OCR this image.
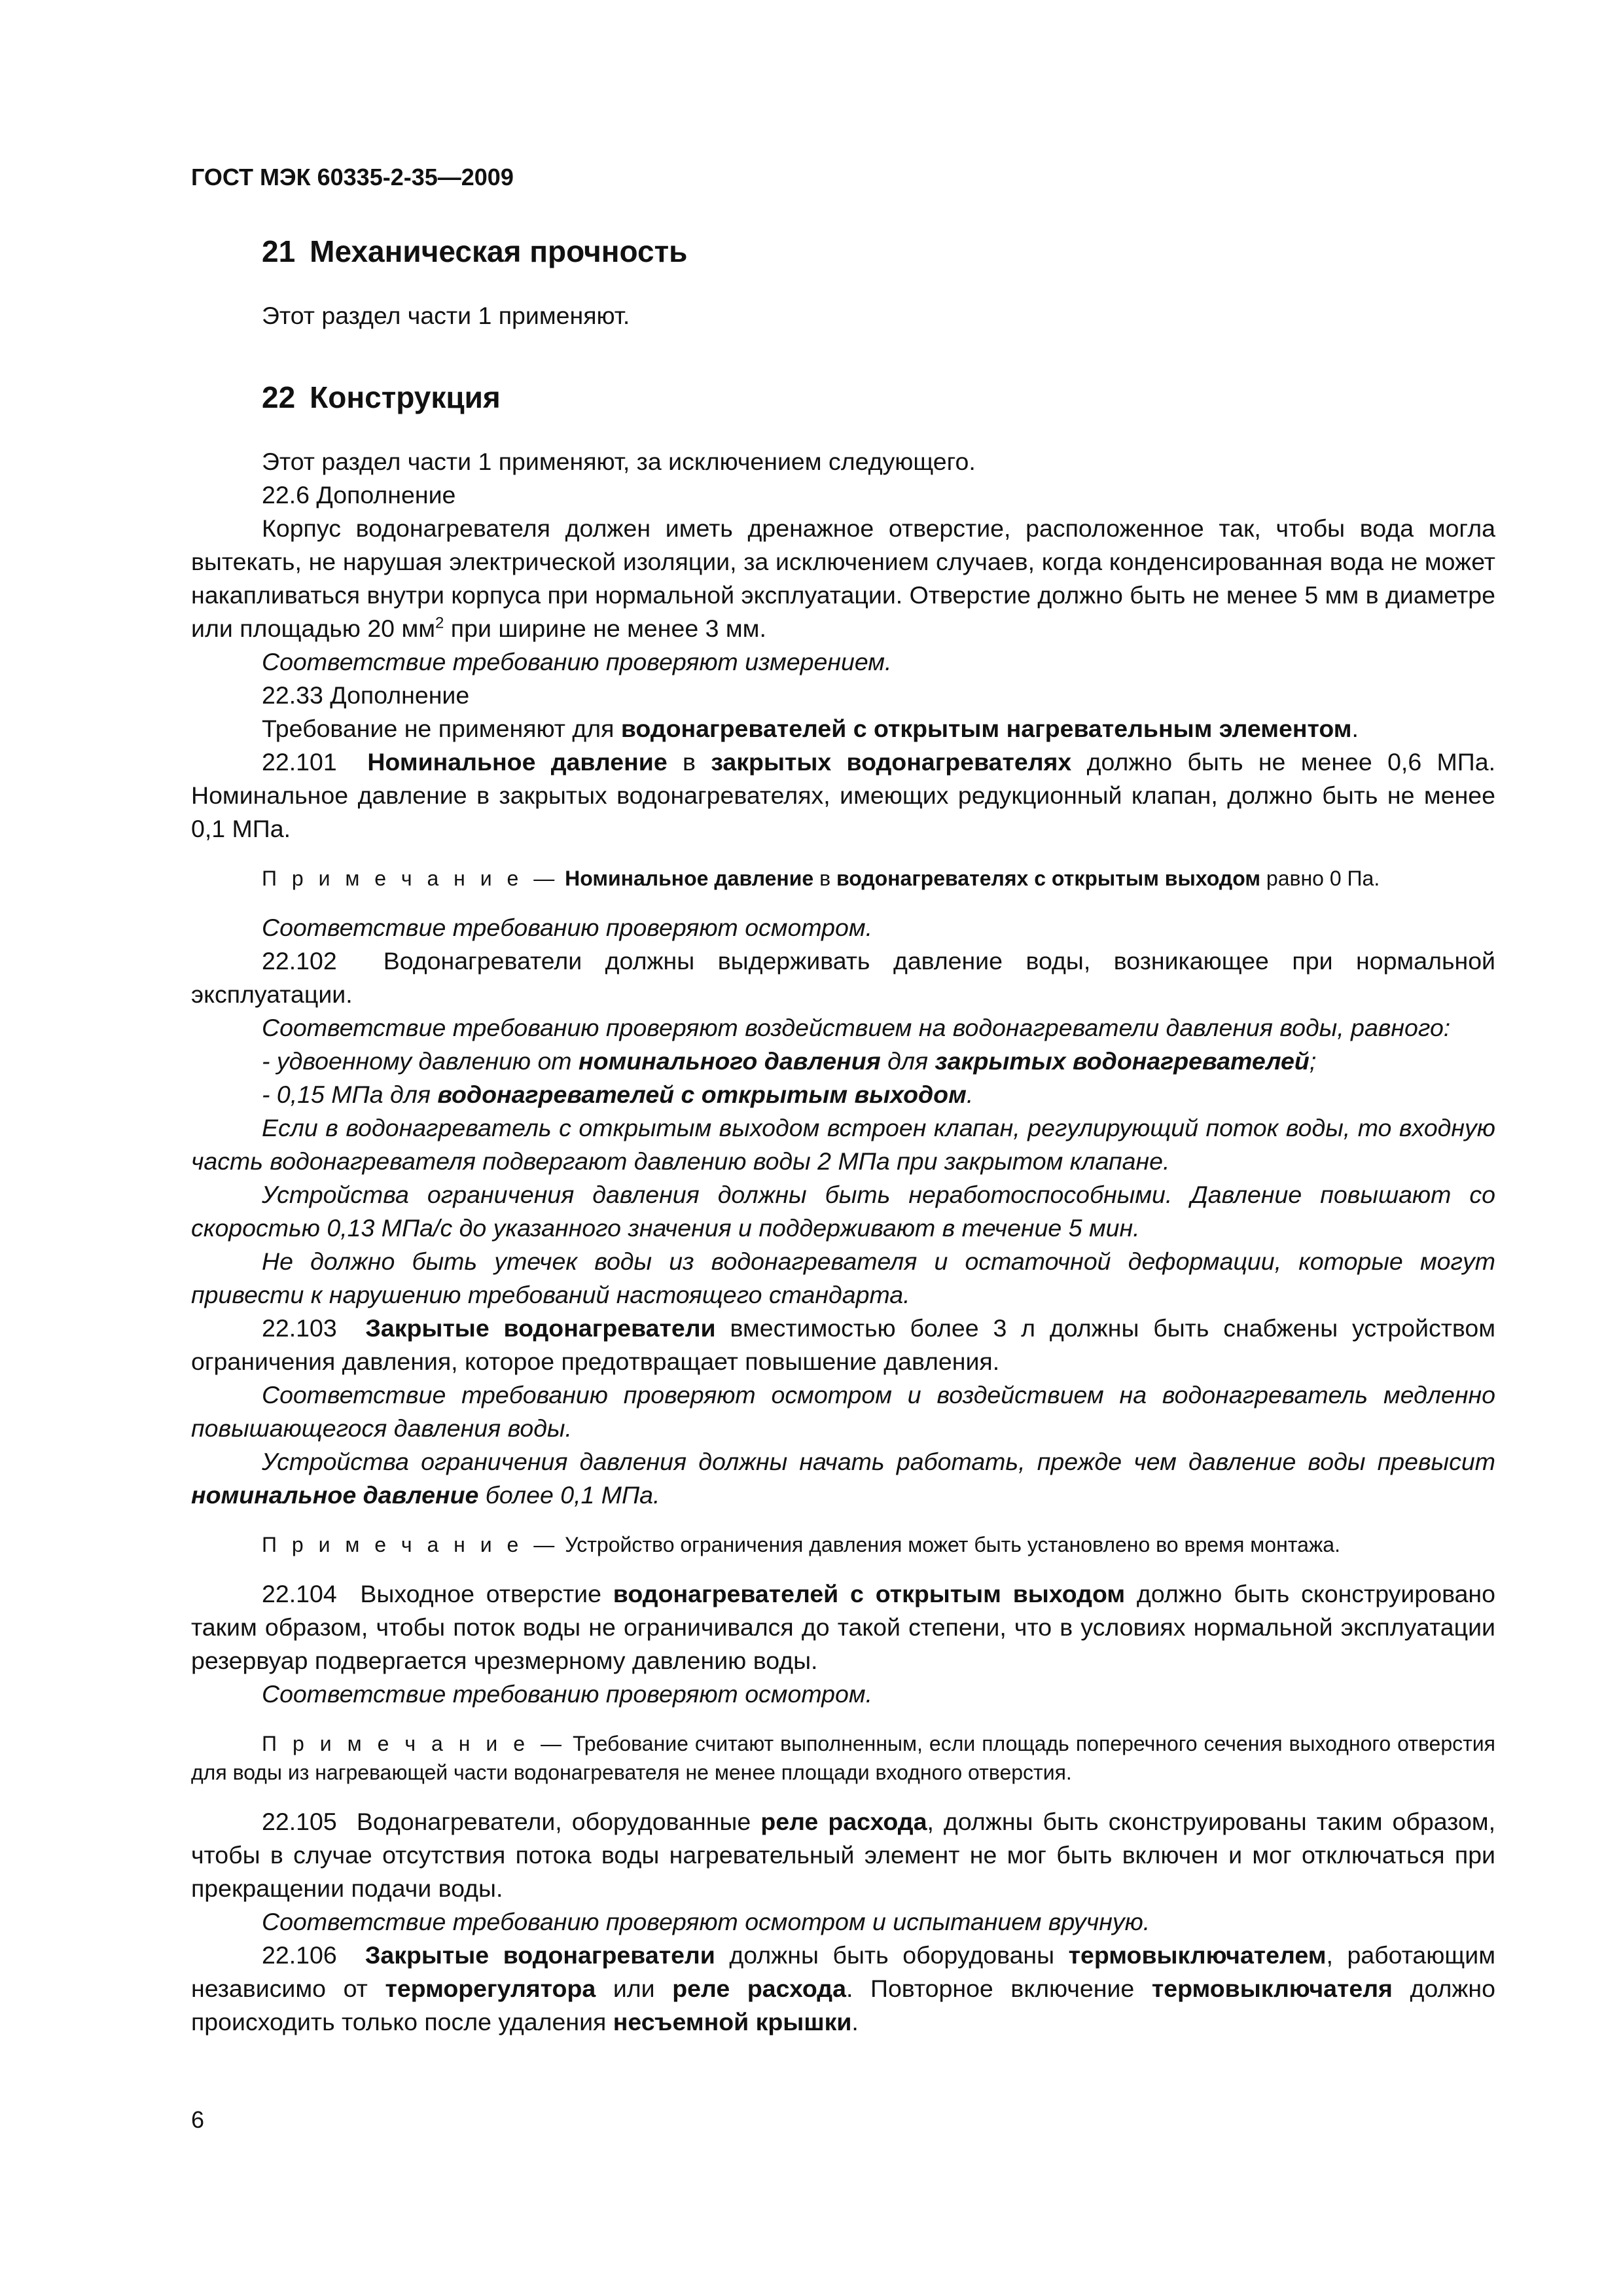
ГОСТ МЭК 60335-2-35—2009
21 Механическая прочность

Этот раздел части 1 применяют.

22 Конструкция

Этот раздел части 1 применяют, за исключением следующего.

22.6 Дополнение

Корпус водонагревателя должен иметь дренажное отверстие, расположенное так, чтобы вода могла вытекать, не нарушая электрической изоляции, за исключением случаев, когда конденсированная вода не может накапливаться внутри корпуса при нормальной эксплуатации. Отверстие должно быть не менее 5 мм в диаметре или площадью 20 $мм^2$ при ширине не менее 3 мм.

Соответствие требованию проверяют измерением.

22.33 Дополнение

Требование не применяют для водонагревателей с открытым нагревательным элементом.

22.101 Номинальное давление в закрытых водонагревателях должно быть не менее 0,6 МПа. Номинальное давление в закрытых водонагревателях, имеющих редукционный клапан, должно быть не менее 0,1 МПа.

П р и м е ч а н и е — Номинальное давление в водонагревателях с открытым выходом равно 0 Па.

Соответствие требованию проверяют осмотром.

22.102 Водонагреватели должны выдерживать давление воды, возникающее при нормальной эксплуатации.

Соответствие требованию проверяют воздействием на водонагреватели давления воды, равного:

- удвоенному давлению от номинального давления для закрытых водонагревателей;

- 0,15 МПа для водонагревателей с открытым выходом.

Если в водонагреватель с открытым выходом встроен клапан, регулирующий поток воды, то входную часть водонагревателя подвергают давлению воды 2 МПа при закрытом клапане.

Устройства ограничения давления должны быть неработоспособными. Давление повышают со скоростью 0,13 МПа/с до указанного значения и поддерживают в течение 5 мин.

Не должно быть утечек воды из водонагревателя и остаточной деформации, которые могут привести к нарушению требований настоящего стандарта.

22.103 Закрытые водонагреватели вместимостью более 3 л должны быть снабжены устройством ограничения давления, которое предотвращает повышение давления.

Соответствие требованию проверяют осмотром и воздействием на водонагреватель медленно повышающегося давления воды.

Устройства ограничения давления должны начать работать, прежде чем давление воды превысит номинальное давление более 0,1 МПа.

П р и м е ч а н и е — Устройство ограничения давления может быть установлено во время монтажа.

22.104 Выходное отверстие водонагревателей с открытым выходом должно быть сконструировано таким образом, чтобы поток воды не ограничивался до такой степени, что в условиях нормальной эксплуатации резервуар подвергается чрезмерному давлению воды.

Соответствие требованию проверяют осмотром.

П р и м е ч а н и е — Требование считают выполненным, если площадь поперечного сечения выходного отверстия для воды из нагревающей части водонагревателя не менее площади входного отверстия.

22.105 Водонагреватели, оборудованные реле расхода, должны быть сконструированы таким образом, чтобы в случае отсутствия потока воды нагревательный элемент не мог быть включен и мог отключаться при прекращении подачи воды.

Соответствие требованию проверяют осмотром и испытанием вручную.

22.106 Закрытые водонагреватели должны быть оборудованы термовыключателем, работающим независимо от терморегулятора или реле расхода. Повторное включение термовыключателя должно происходить только после удаления несъемной крышки.

6
